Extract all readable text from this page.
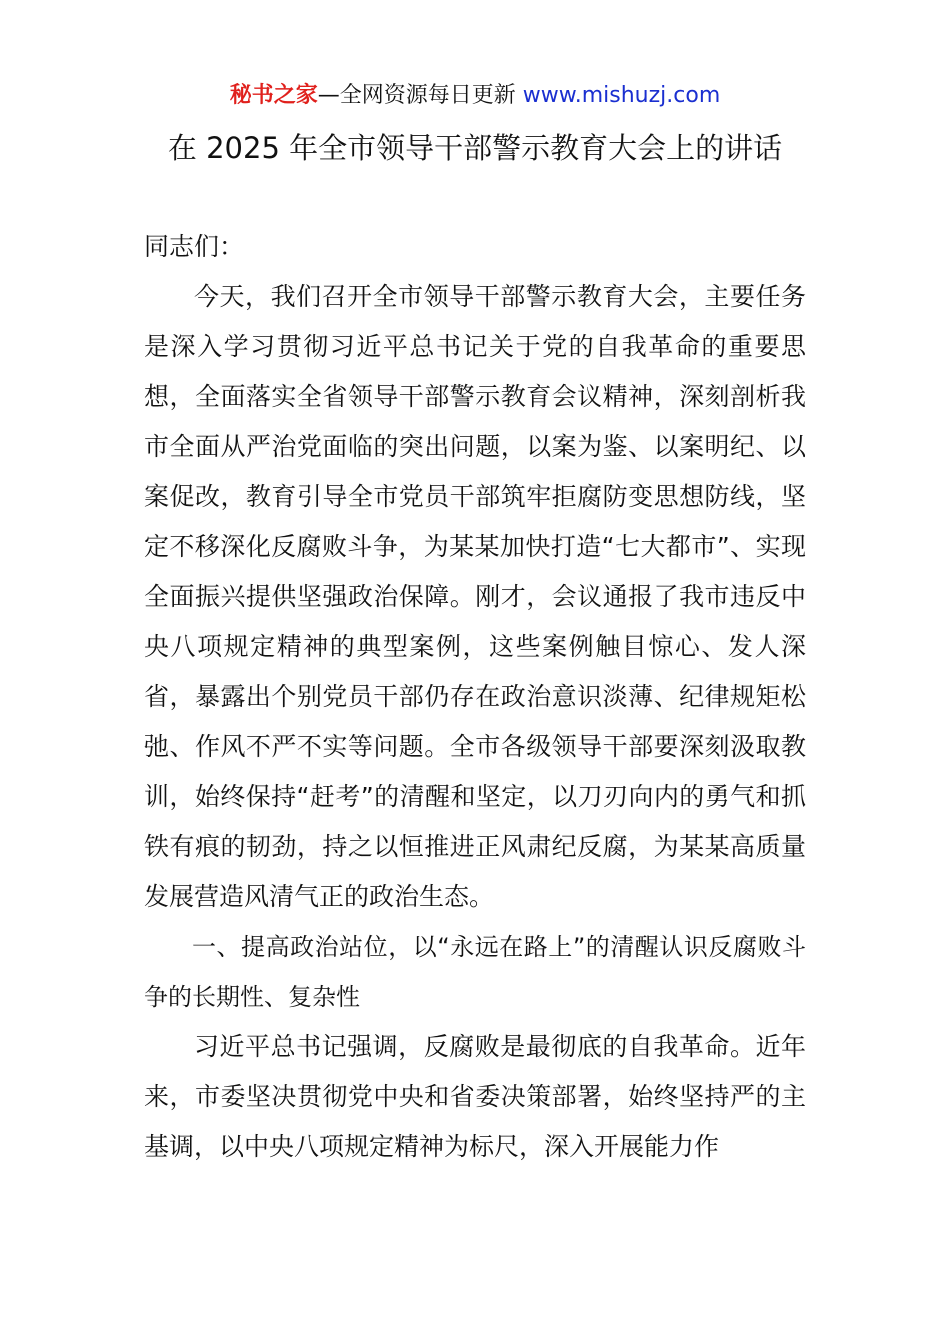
秘书之家—全网资源每日更新 www.mishuzj.com
在 2025 年全市领导干部警示教育大会上的讲话

同志们：

今天，我们召开全市领导干部警示教育大会，主要任务是深入学习贯彻习近平总书记关于党的自我革命的重要思想，全面落实全省领导干部警示教育会议精神，深刻剖析我市全面从严治党面临的突出问题，以案为鉴、以案明纪、以案促改，教育引导全市党员干部筑牢拒腐防变思想防线，坚定不移深化反腐败斗争，为某某加快打造“七大都市”、实现全面振兴提供坚强政治保障。刚才，会议通报了我市违反中央八项规定精神的典型案例，这些案例触目惊心、发人深省，暴露出个别党员干部仍存在政治意识淡薄、纪律规矩松弛、作风不严不实等问题。全市各级领导干部要深刻汲取教训，始终保持“赶考”的清醒和坚定，以刀刃向内的勇气和抓铁有痕的韧劲，持之以恒推进正风肃纪反腐，为某某高质量发展营造风清气正的政治生态。

一、提高政治站位，以“永远在路上”的清醒认识反腐败斗争的长期性、复杂性

习近平总书记强调，反腐败是最彻底的自我革命。近年来，市委坚决贯彻党中央和省委决策部署，始终坚持严的主基调，以中央八项规定精神为标尺，深入开展能力作
